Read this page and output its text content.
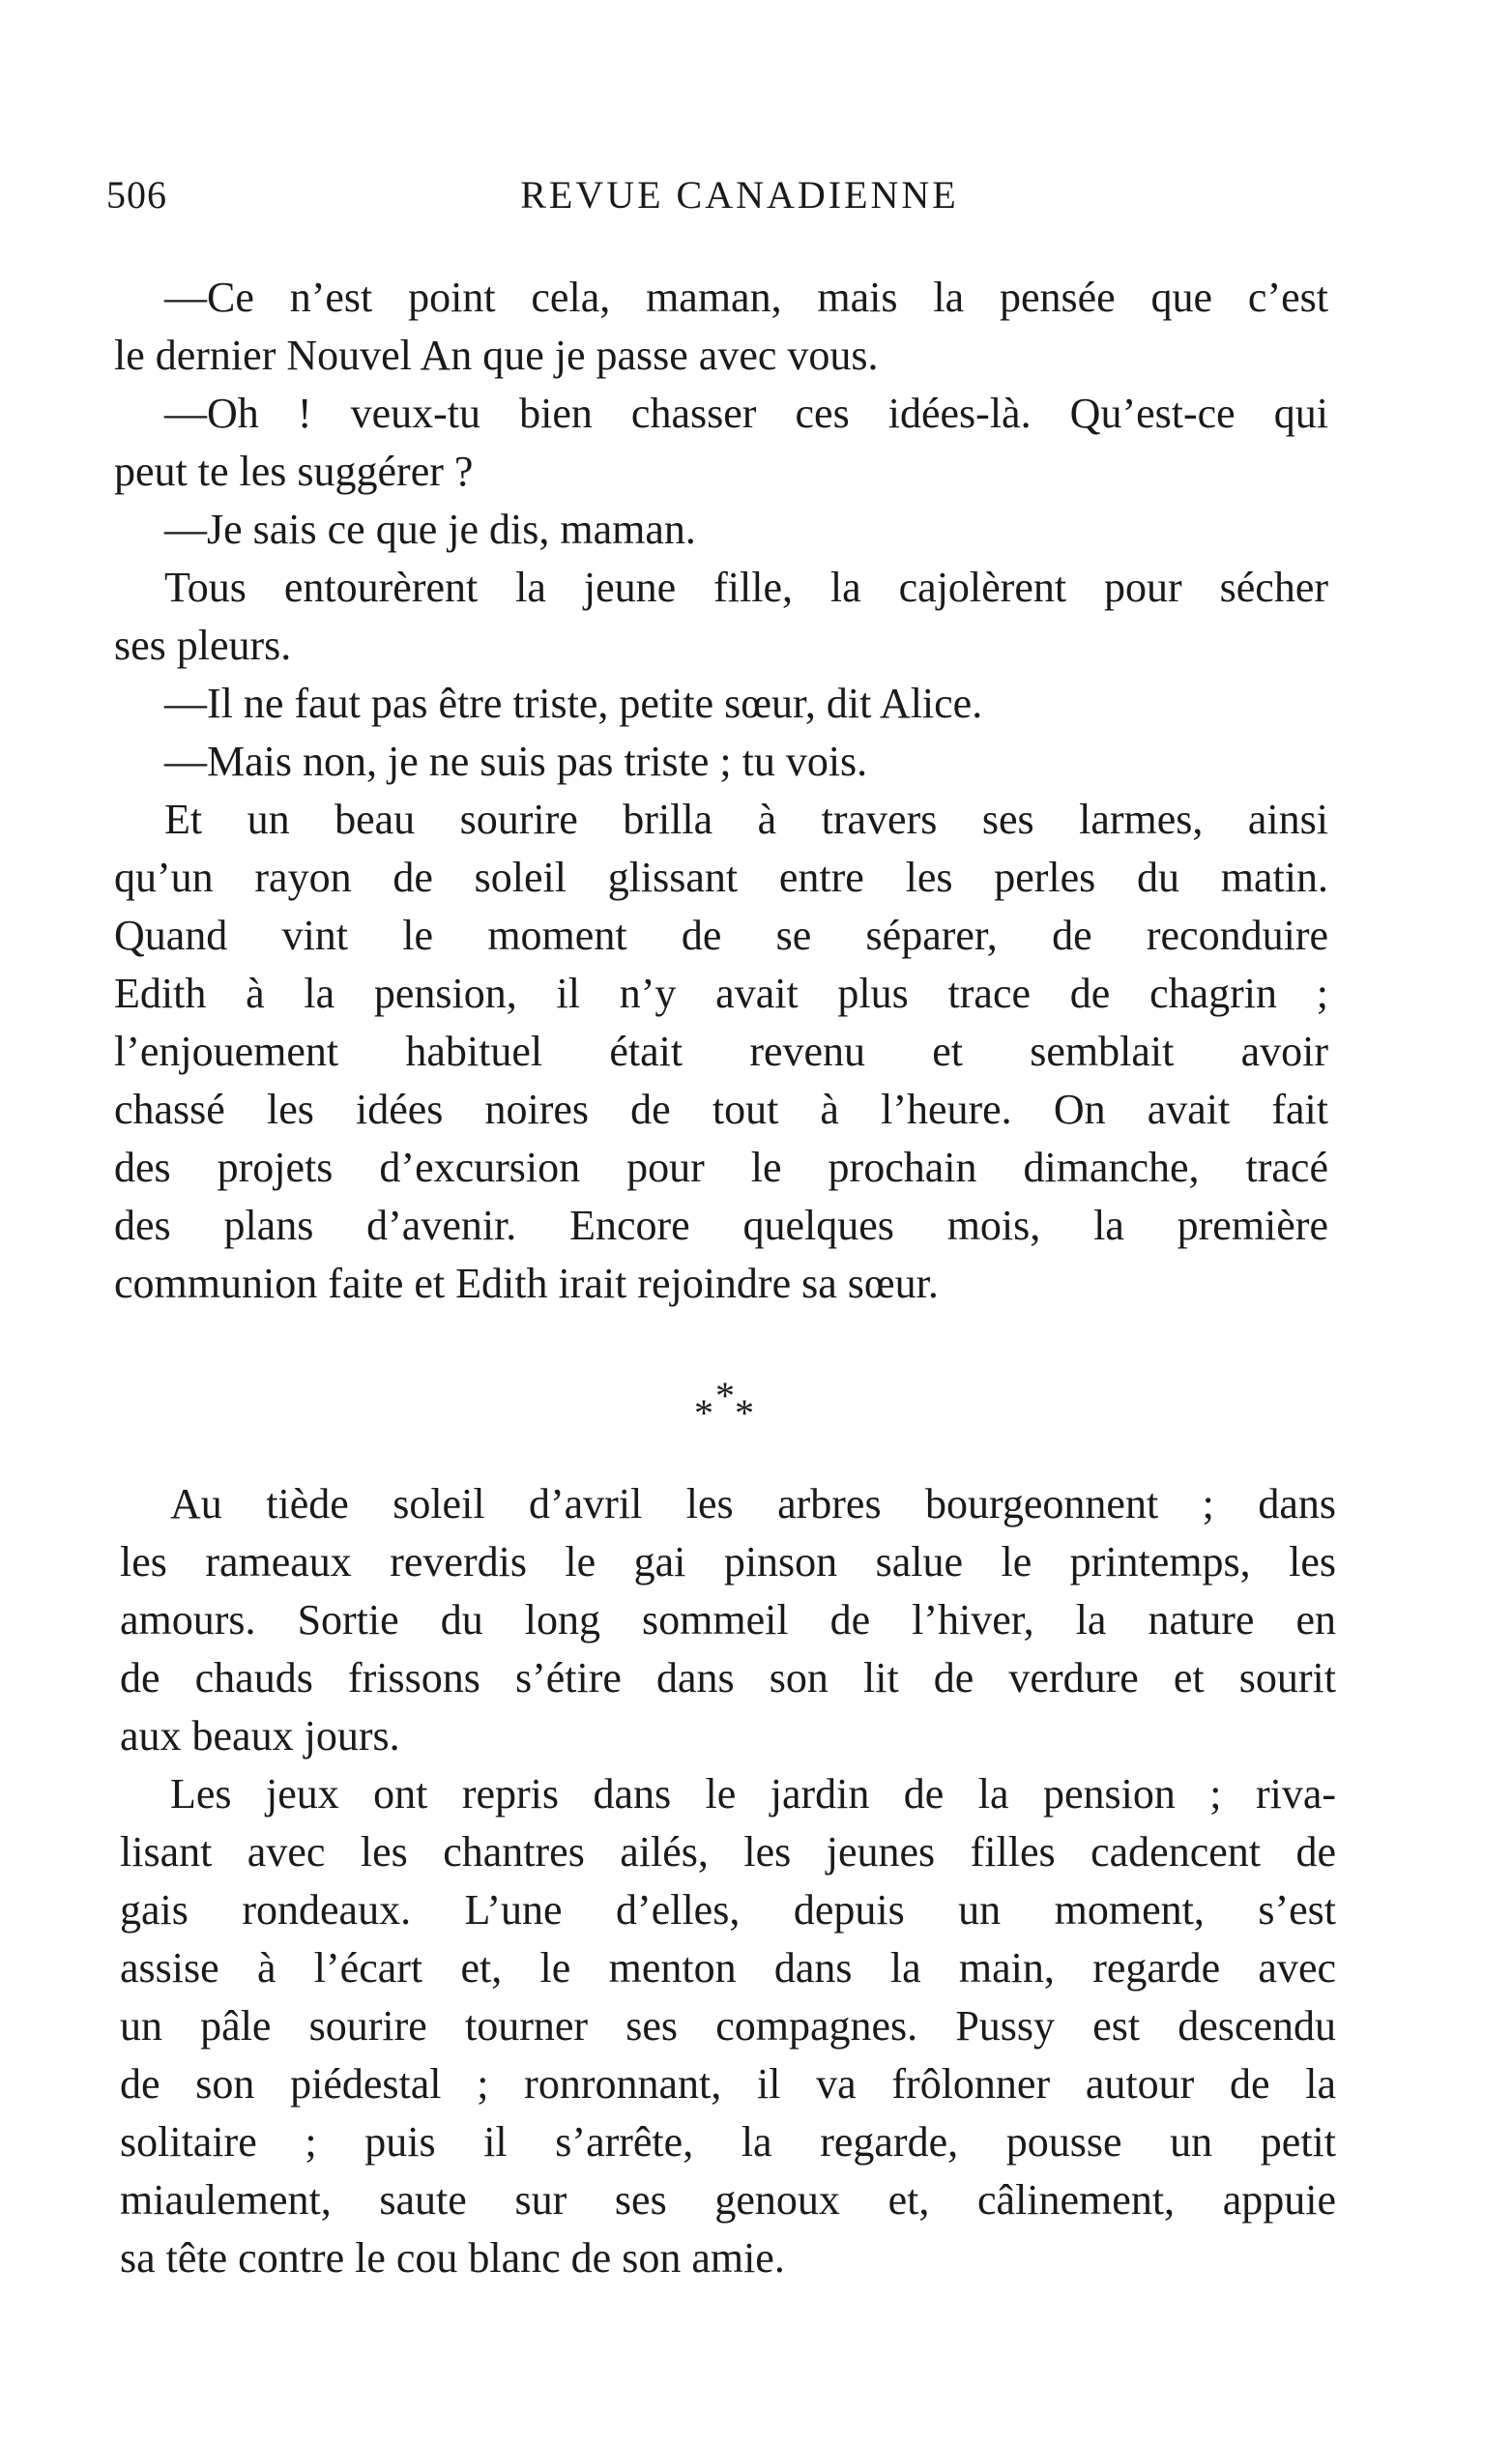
506	REVUE CANADIENNE
—Ce n’est point cela, maman, mais la pensée que c’est
le dernier Nouvel An que je passe avec vous.
—Oh ! veux-tu bien chasser ces idées-là. Qu’est-ce qui
peut te les suggérer ?
—Je sais ce que je dis, maman.
Tous entourèrent la jeune fille, la cajolèrent pour sécher
ses pleurs.
—Il ne faut pas être triste, petite sœur, dit Alice.
—Mais non, je ne suis pas triste ; tu vois.
Et un beau sourire brilla à travers ses larmes, ainsi
qu’un rayon de soleil glissant entre les perles du matin.
Quand vint le moment de se séparer, de reconduire
Edith à la pension, il n’y avait plus trace de chagrin ;
l’enjouement habituel était revenu et semblait avoir
chassé les idées noires de tout à l’heure. On avait fait
des projets d’excursion pour le prochain dimanche, tracé
des plans d’avenir. Encore quelques mois, la première
communion faite et Edith irait rejoindre sa sœur.
*
* *
Au tiède soleil d’avril les arbres bourgeonnent ; dans
les rameaux reverdis le gai pinson salue le printemps, les
amours. Sortie du long sommeil de l’hiver, la nature en
de chauds frissons s’étire dans son lit de verdure et sourit
aux beaux jours.
Les jeux ont repris dans le jardin de la pension ; riva-
lisant avec les chantres ailés, les jeunes filles cadencent de
gais rondeaux. L’une d’elles, depuis un moment, s’est
assise à l’écart et, le menton dans la main, regarde avec
un pâle sourire tourner ses compagnes. Pussy est descendu
de son piédestal ; ronronnant, il va frôlonner autour de la
solitaire ; puis il s’arrête, la regarde, pousse un petit
miaulement, saute sur ses genoux et, câlinement, appuie
sa tête contre le cou blanc de son amie.
